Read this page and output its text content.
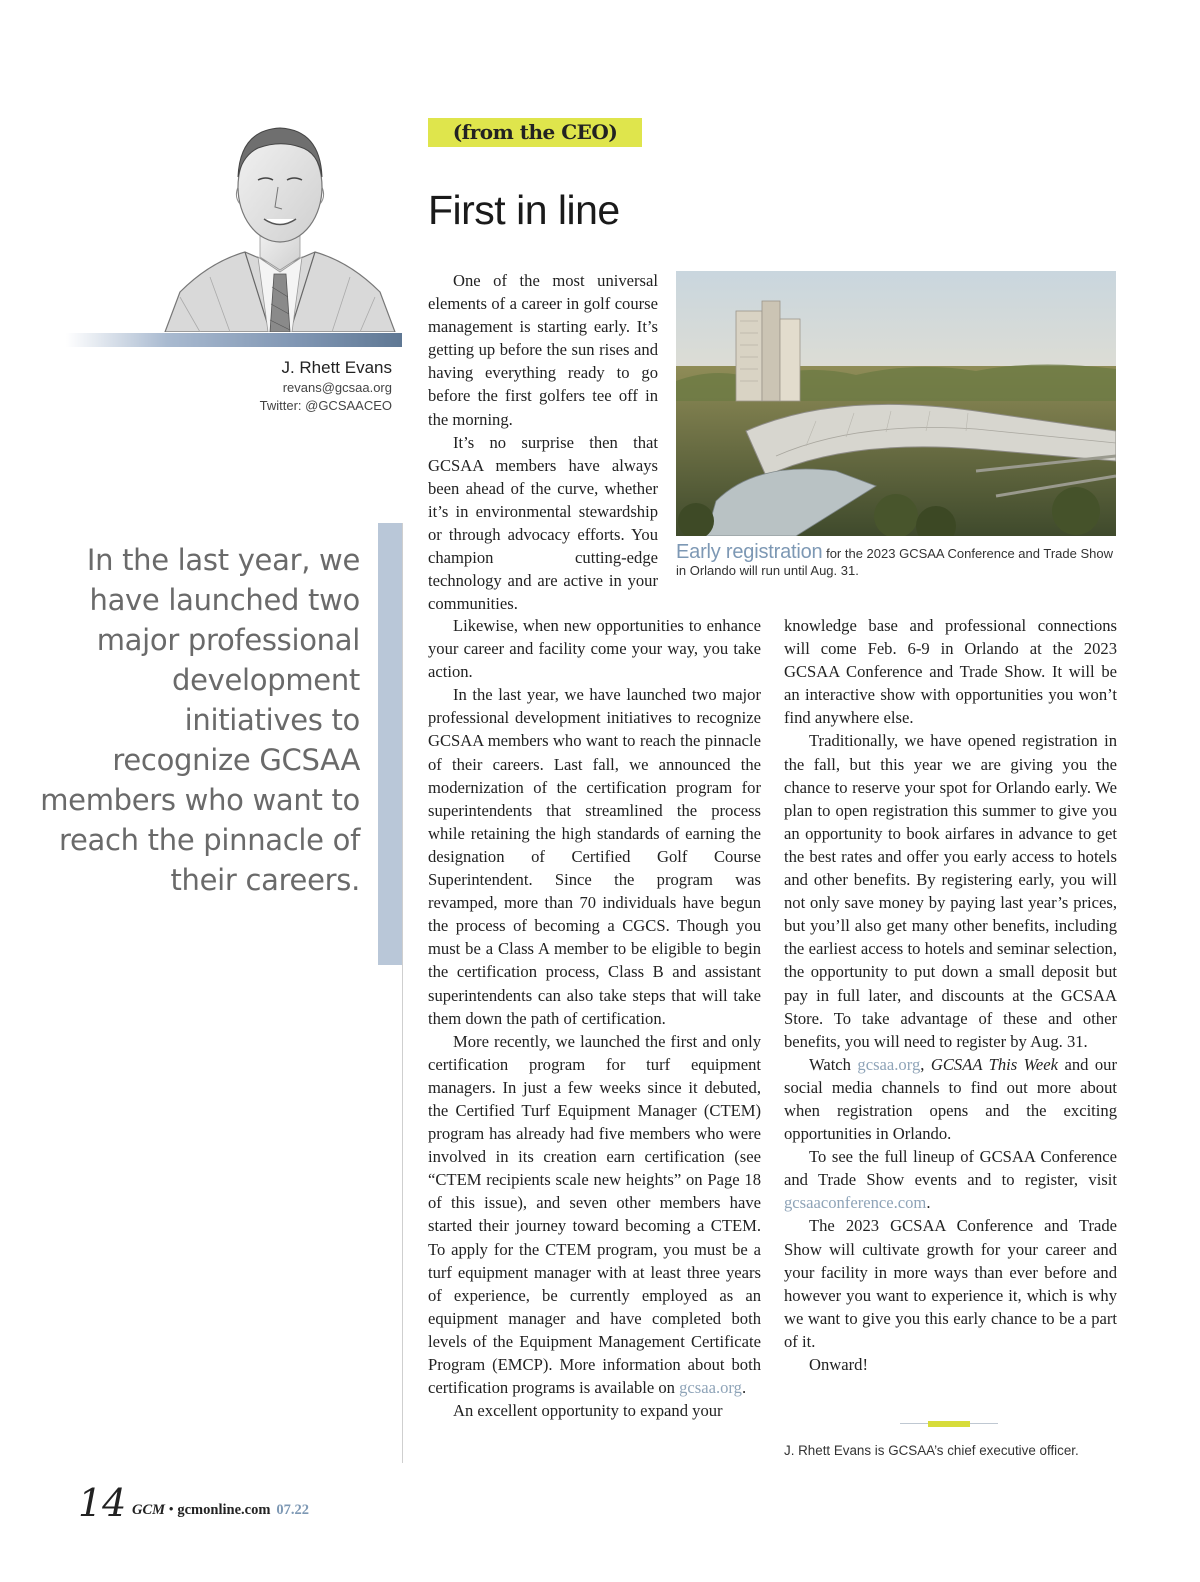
J. Rhett Evans
revans@gcsaa.org
Twitter: @GCSAACEO
In the last year, we have launched two major professional development initiatives to recognize GCSAA members who want to reach the pinnacle of their careers.
(from the CEO)
First in line
Early registration for the 2023 GCSAA Conference and Trade Show in Orlando will run until Aug. 31.

One of the most universal elements of a career in golf course management is starting early. It’s getting up before the sun rises and having everything ready to go before the first golfers tee off in the morning.

It’s no surprise then that GCSAA members have always been ahead of the curve, whether it’s in environmental stewardship or through advocacy efforts. You champion cutting-edge technology and are active in your communities.

Likewise, when new opportunities to enhance your career and facility come your way, you take action.

In the last year, we have launched two major professional development initiatives to recognize GCSAA members who want to reach the pinnacle of their careers. Last fall, we announced the modernization of the certification program for superintendents that streamlined the process while retaining the high standards of earning the designation of Certified Golf Course Superintendent. Since the program was revamped, more than 70 individuals have begun the process of becoming a CGCS. Though you must be a Class A member to be eligible to begin the certification process, Class B and assistant superintendents can also take steps that will take them down the path of certification.

More recently, we launched the first and only certification program for turf equipment managers. In just a few weeks since it debuted, the Certified Turf Equipment Manager (CTEM) program has already had five members who were involved in its creation earn certification (see “CTEM recipients scale new heights” on Page 18 of this issue), and seven other members have started their journey toward becoming a CTEM. To apply for the CTEM program, you must be a turf equipment manager with at least three years of experience, be currently employed as an equipment manager and have completed both levels of the Equipment Management Certificate Program (EMCP). More information about both certification programs is available on gcsaa.org.

An excellent opportunity to expand your

knowledge base and professional connections will come Feb. 6-9 in Orlando at the 2023 GCSAA Conference and Trade Show. It will be an interactive show with opportunities you won’t find anywhere else.

Traditionally, we have opened registration in the fall, but this year we are giving you the chance to reserve your spot for Orlando early. We plan to open registration this summer to give you an opportunity to book airfares in advance to get the best rates and offer you early access to hotels and other benefits. By registering early, you will not only save money by paying last year’s prices, but you’ll also get many other benefits, including the earliest access to hotels and seminar selection, the opportunity to put down a small deposit but pay in full later, and discounts at the GCSAA Store. To take advantage of these and other benefits, you will need to register by Aug. 31.

Watch gcsaa.org, GCSAA This Week and our social media channels to find out more about when registration opens and the exciting opportunities in Orlando.

To see the full lineup of GCSAA Conference and Trade Show events and to register, visit gcsaaconference.com.

The 2023 GCSAA Conference and Trade Show will cultivate growth for your career and your facility in more ways than ever before and however you want to experience it, which is why we want to give you this early chance to be a part of it.

Onward!

J. Rhett Evans is GCSAA’s chief executive officer.
14 GCM • gcmonline.com 07.22
